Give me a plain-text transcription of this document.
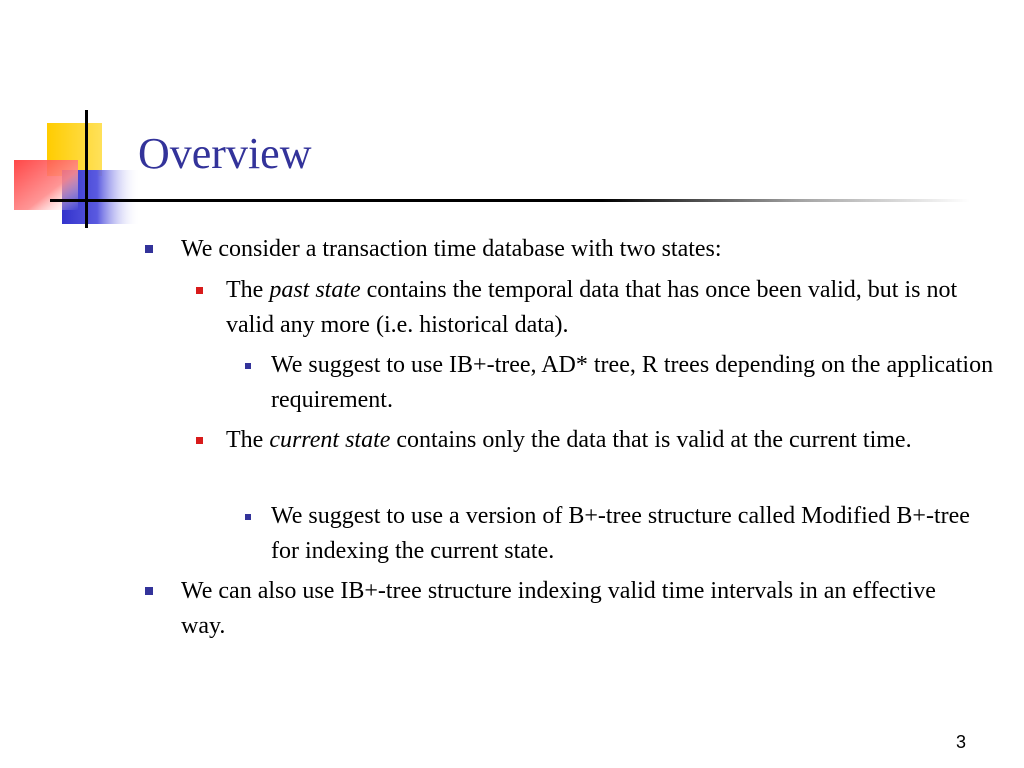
Overview

We consider a transaction time database with two states:

The past state contains the temporal data that has once been valid, but is not valid any more (i.e. historical data).

We suggest to use IB+-tree, AD* tree, R trees depending on the application requirement.

The current state contains only the data that is valid at the current time.

We suggest to use a version of B+-tree structure called Modified B+-tree for indexing the current state.

We can also use IB+-tree structure indexing valid time intervals in an effective way.

3
